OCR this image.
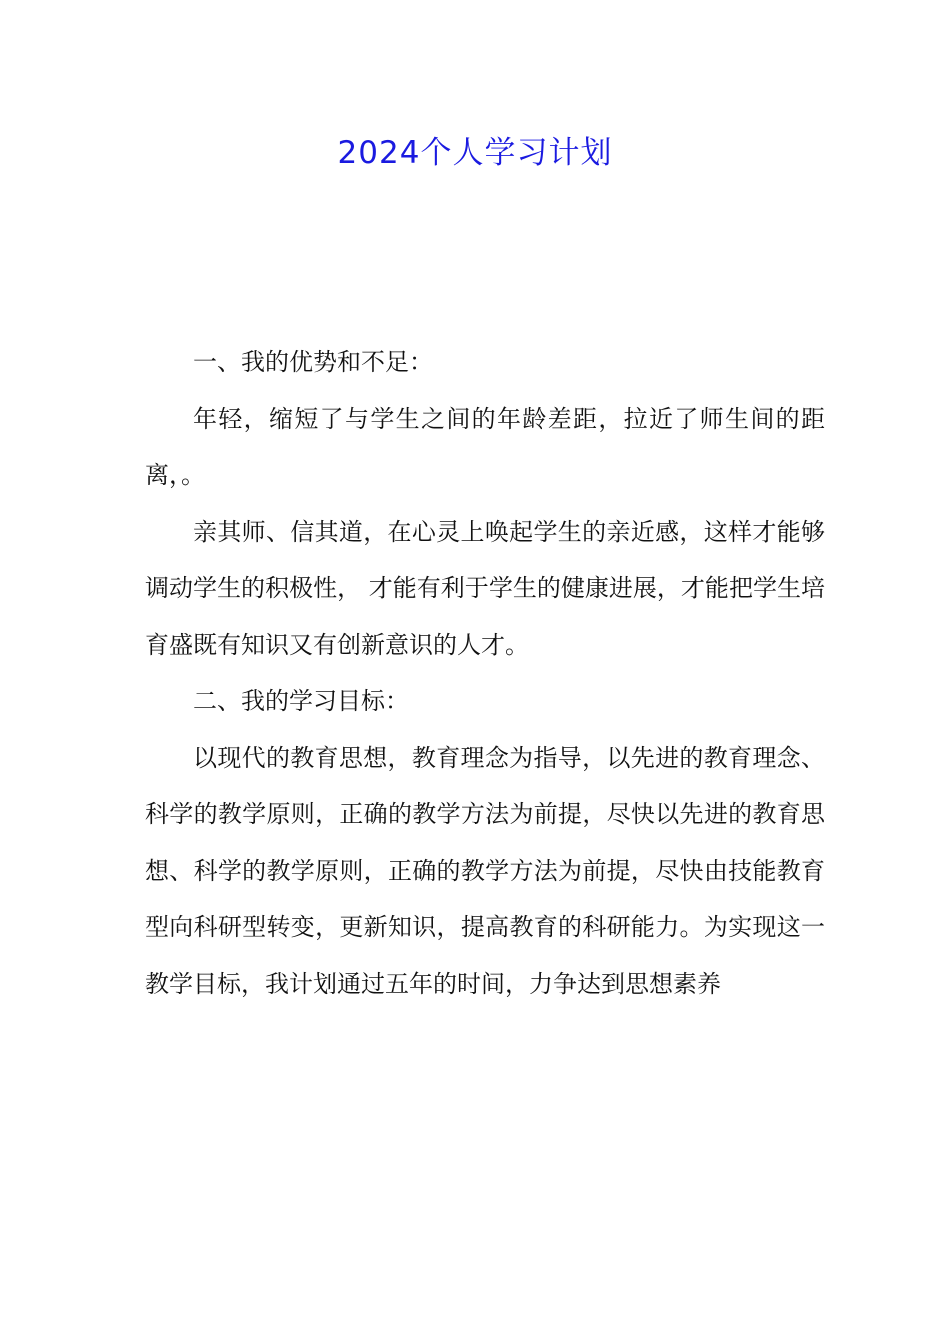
2024个人学习计划

一、我的优势和不足：

年轻，缩短了与学生之间的年龄差距，拉近了师生间的距离，。

亲其师、信其道，在心灵上唤起学生的亲近感，这样才能够调动学生的积极性， 才能有利于学生的健康进展，才能把学生培育盛既有知识又有创新意识的人才。

二、我的学习目标：

以现代的教育思想，教育理念为指导，以先进的教育理念、科学的教学原则，正确的教学方法为前提，尽快以先进的教育思想、科学的教学原则，正确的教学方法为前提，尽快由技能教育型向科研型转变，更新知识，提高教育的科研能力。为实现这一教学目标，我计划通过五年的时间，力争达到思想素养
